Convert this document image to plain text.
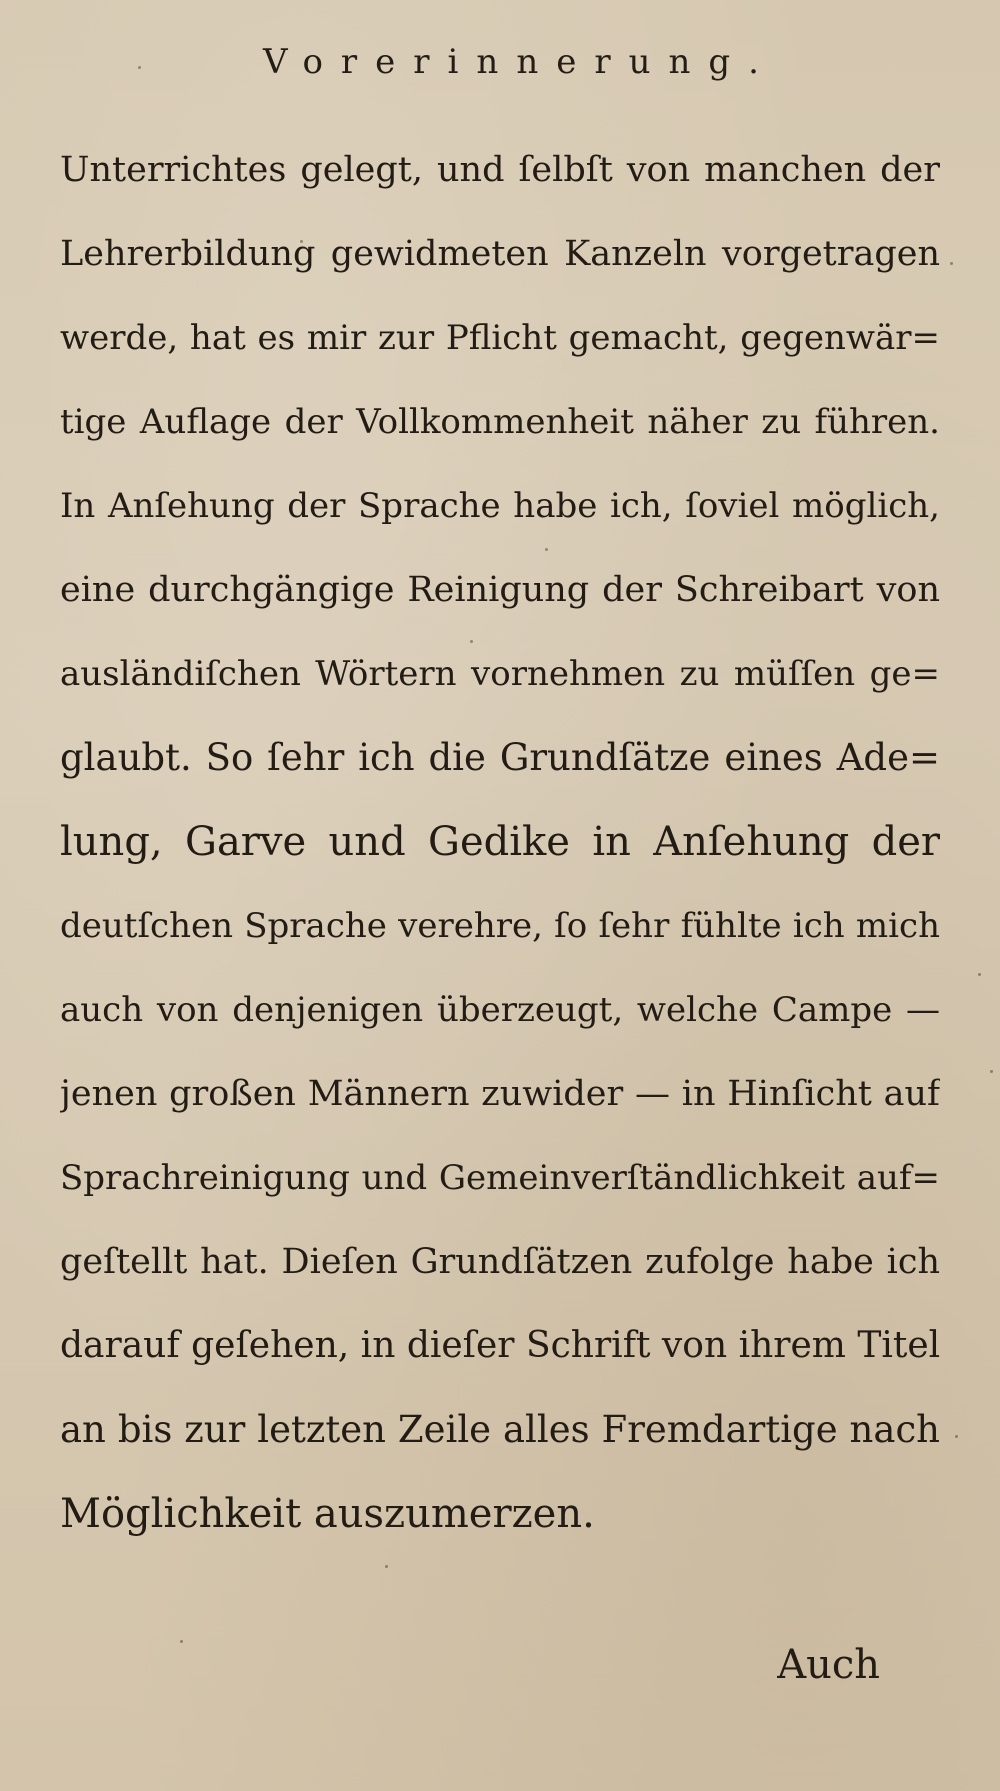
Vorerinnerung.
Unterrichtes gelegt, und ſelbſt von manchen der
Lehrerbildung gewidmeten Kanzeln vorgetragen
werde, hat es mir zur Pflicht gemacht, gegenwär=
tige Auflage der Vollkommenheit näher zu führen.
In Anſehung der Sprache habe ich, ſoviel möglich,
eine durchgängige Reinigung der Schreibart von
ausländiſchen Wörtern vornehmen zu müſſen ge=
glaubt. So ſehr ich die Grundſätze eines Ade=
lung, Garve und Gedike in Anſehung der
deutſchen Sprache verehre, ſo ſehr fühlte ich mich
auch von denjenigen überzeugt, welche Campe —
jenen großen Männern zuwider — in Hinſicht auf
Sprachreinigung und Gemeinverſtändlichkeit auf=
geſtellt hat. Dieſen Grundſätzen zufolge habe ich
darauf geſehen, in dieſer Schrift von ihrem Titel
an bis zur letzten Zeile alles Fremdartige nach
Möglichkeit auszumerzen.
Auch
